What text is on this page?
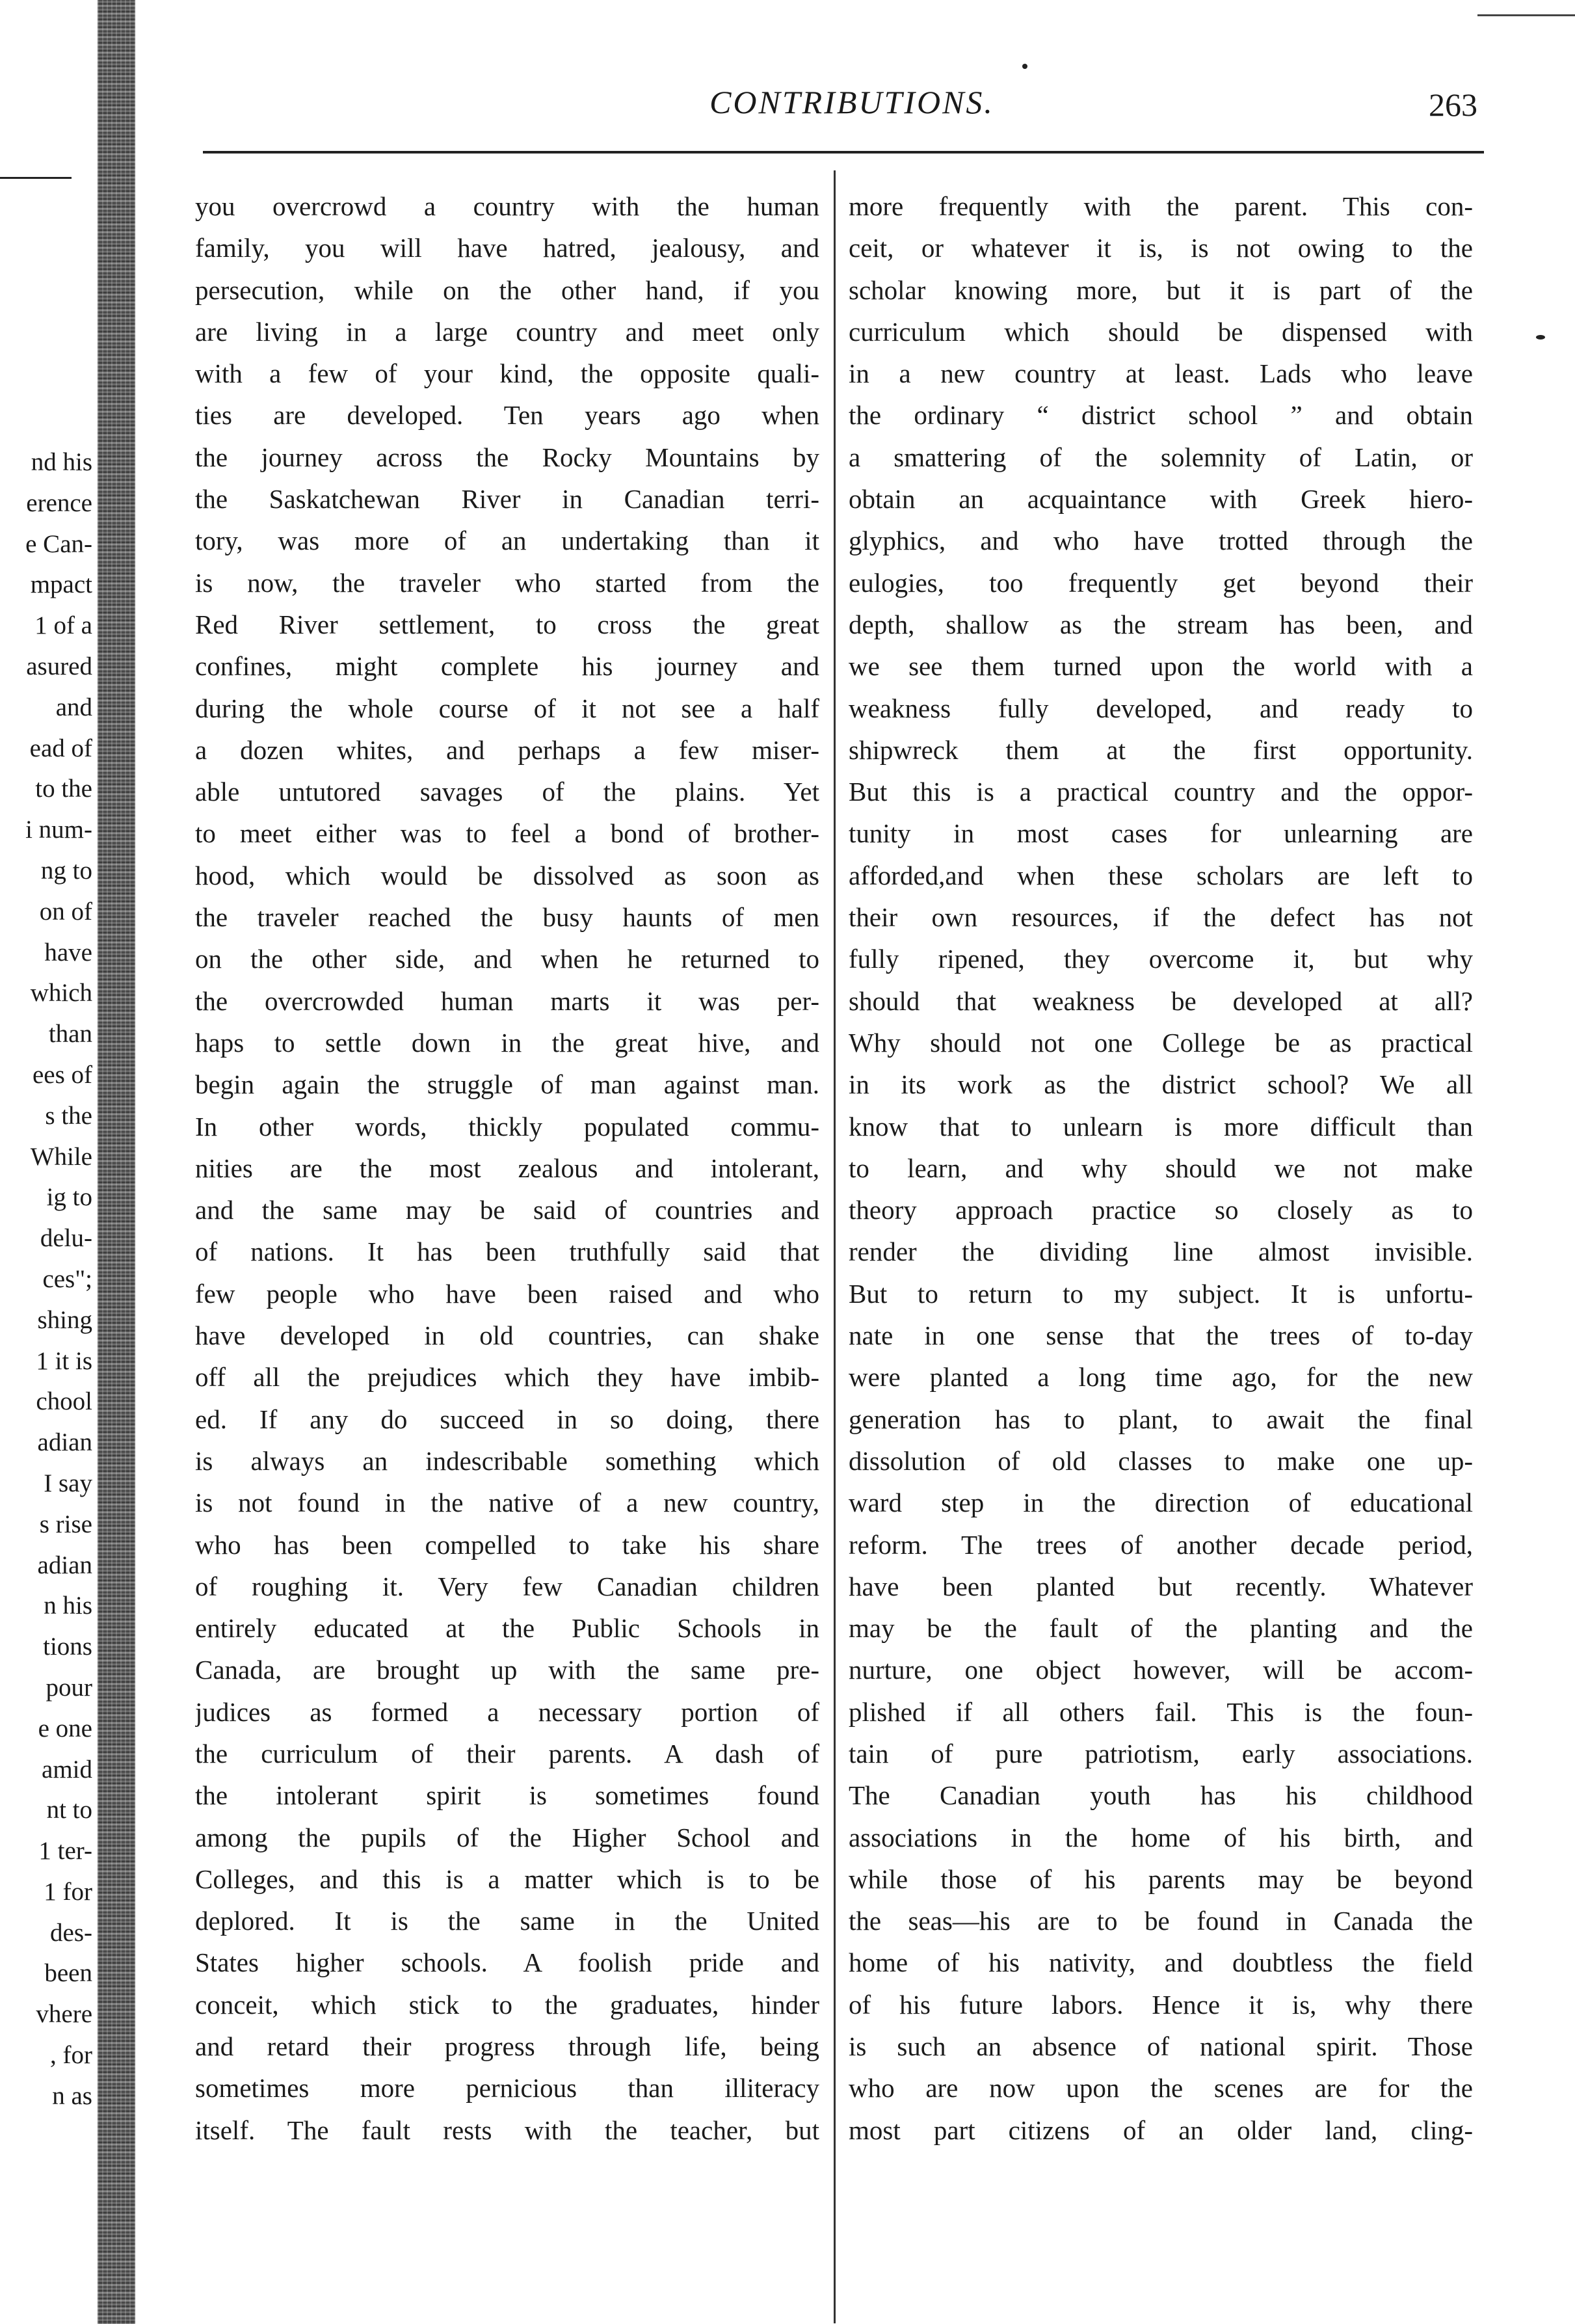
nd his
erence
e Can-
mpact
1 of a
asured
and
ead of
to the
i num-
ng to
on of
have
which
than
ees of
s the
While
ig to
delu-
ces";
shing
1 it is
chool
adian
I say
s rise
adian
n his
tions
pour
e one
amid
nt to
1 ter-
1 for
des-
been
vhere
, for
n as
CONTRIBUTIONS.	263
you overcrowd a country with the human
family, you will have hatred, jealousy, and
persecution, while on the other hand, if you
are living in a large country and meet only
with a few of your kind, the opposite quali-
ties are developed. Ten years ago when
the journey across the Rocky Mountains by
the Saskatchewan River in Canadian terri-
tory, was more of an undertaking than it
is now, the traveler who started from the
Red River settlement, to cross the great
confines, might complete his journey and
during the whole course of it not see a half
a dozen whites, and perhaps a few miser-
able untutored savages of the plains. Yet
to meet either was to feel a bond of brother-
hood, which would be dissolved as soon as
the traveler reached the busy haunts of men
on the other side, and when he returned to
the overcrowded human marts it was per-
haps to settle down in the great hive, and
begin again the struggle of man against man.
In other words, thickly populated commu-
nities are the most zealous and intolerant,
and the same may be said of countries and
of nations. It has been truthfully said that
few people who have been raised and who
have developed in old countries, can shake
off all the prejudices which they have imbib-
ed. If any do succeed in so doing, there
is always an indescribable something which
is not found in the native of a new country,
who has been compelled to take his share
of roughing it. Very few Canadian children
entirely educated at the Public Schools in
Canada, are brought up with the same pre-
judices as formed a necessary portion of
the curriculum of their parents. A dash of
the intolerant spirit is sometimes found
among the pupils of the Higher School and
Colleges, and this is a matter which is to be
deplored. It is the same in the United
States higher schools. A foolish pride and
conceit, which stick to the graduates, hinder
and retard their progress through life, being
sometimes more pernicious than illiteracy
itself. The fault rests with the teacher, but
more frequently with the parent. This con-
ceit, or whatever it is, is not owing to the
scholar knowing more, but it is part of the
curriculum which should be dispensed with
in a new country at least. Lads who leave
the ordinary “ district school ” and obtain
a smattering of the solemnity of Latin, or
obtain an acquaintance with Greek hiero-
glyphics, and who have trotted through the
eulogies, too frequently get beyond their
depth, shallow as the stream has been, and
we see them turned upon the world with a
weakness fully developed, and ready to
shipwreck them at the first opportunity.
But this is a practical country and the oppor-
tunity in most cases for unlearning are
afforded,and when these scholars are left to
their own resources, if the defect has not
fully ripened, they overcome it, but why
should that weakness be developed at all?
Why should not one College be as practical
in its work as the district school? We all
know that to unlearn is more difficult than
to learn, and why should we not make
theory approach practice so closely as to
render the dividing line almost invisible.
But to return to my subject. It is unfortu-
nate in one sense that the trees of to-day
were planted a long time ago, for the new
generation has to plant, to await the final
dissolution of old classes to make one up-
ward step in the direction of educational
reform. The trees of another decade period,
have been planted but recently. Whatever
may be the fault of the planting and the
nurture, one object however, will be accom-
plished if all others fail. This is the foun-
tain of pure patriotism, early associations.
The Canadian youth has his childhood
associations in the home of his birth, and
while those of his parents may be beyond
the seas—his are to be found in Canada the
home of his nativity, and doubtless the field
of his future labors. Hence it is, why there
is such an absence of national spirit. Those
who are now upon the scenes are for the
most part citizens of an older land, cling-
